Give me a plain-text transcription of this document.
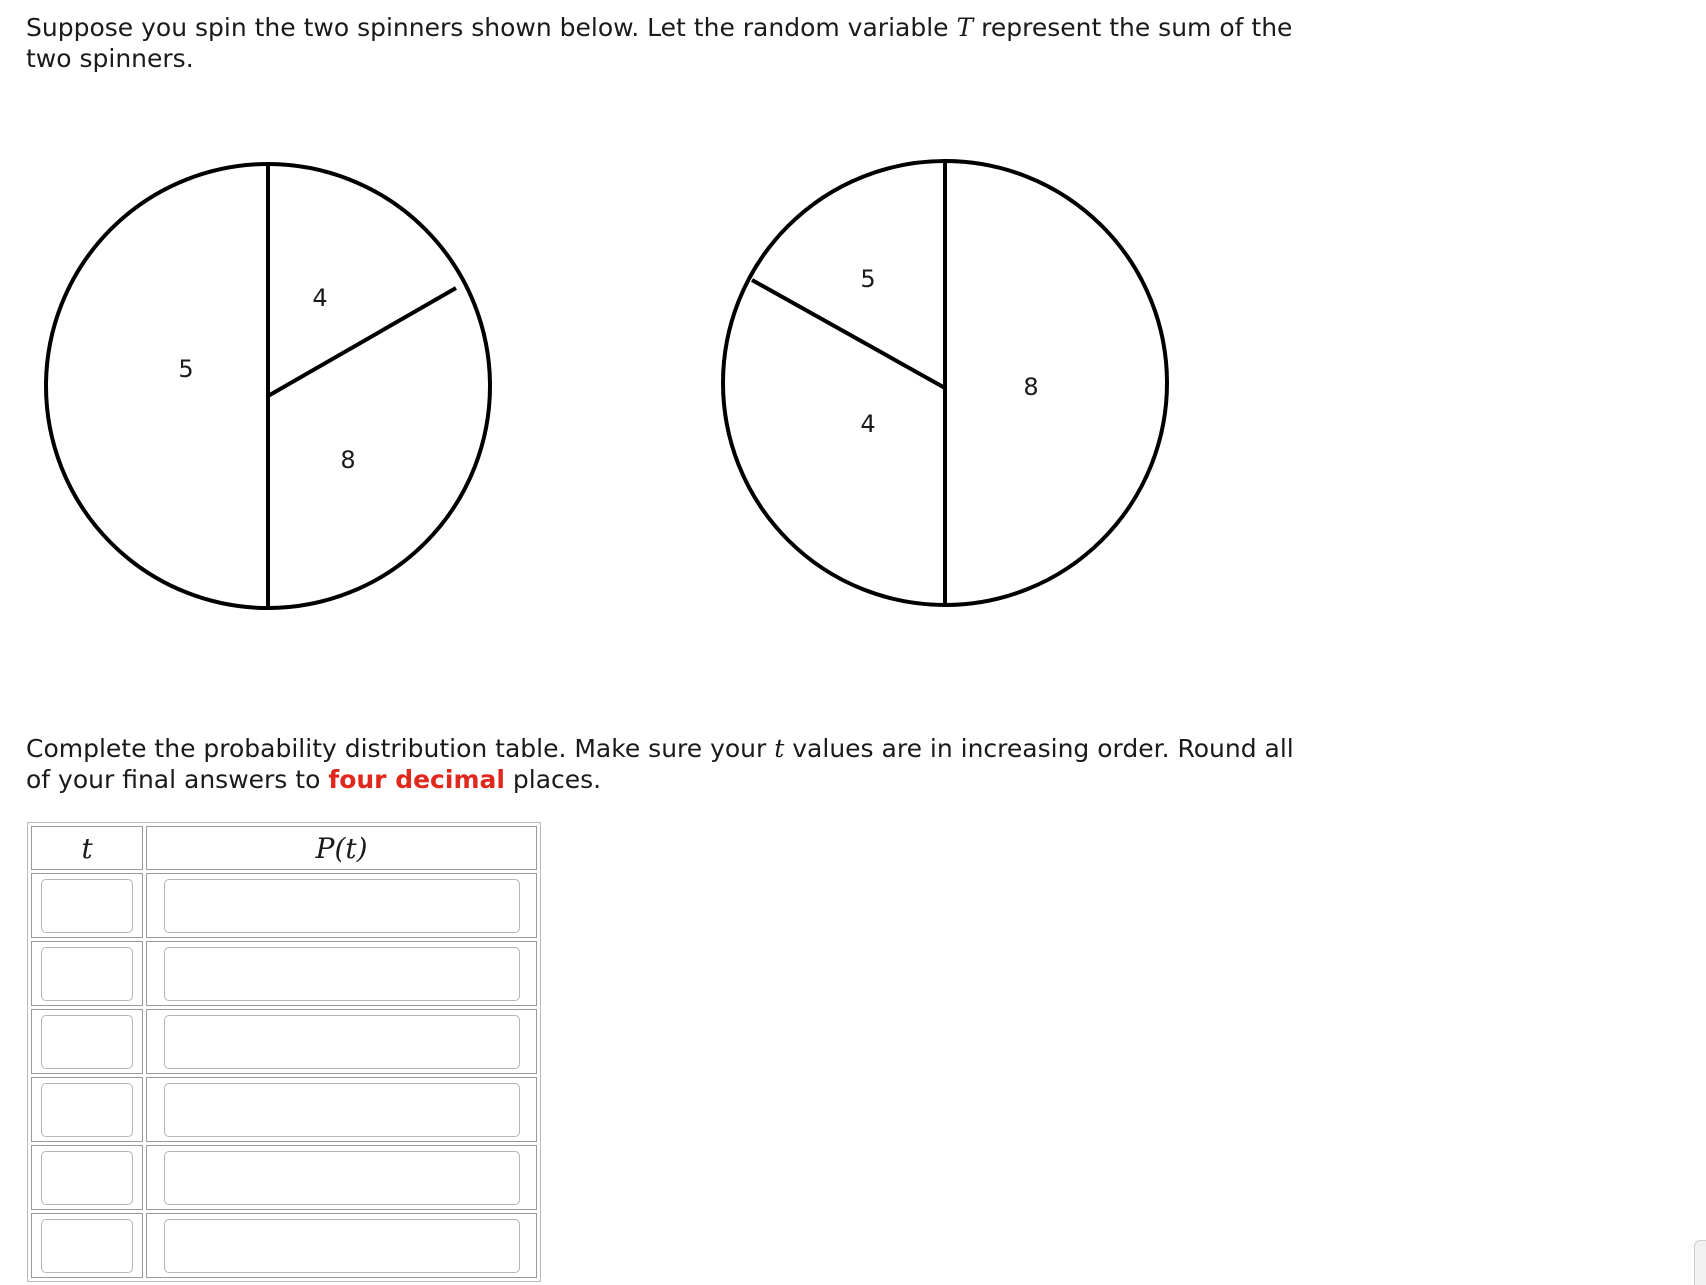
Suppose you spin the two spinners shown below. Let the random variable T represent the sum of the two spinners.
4
5
8
5
4
8
Complete the probability distribution table. Make sure your t values are in increasing order. Round all of your final answers to four decimal places.
t	P(t)
